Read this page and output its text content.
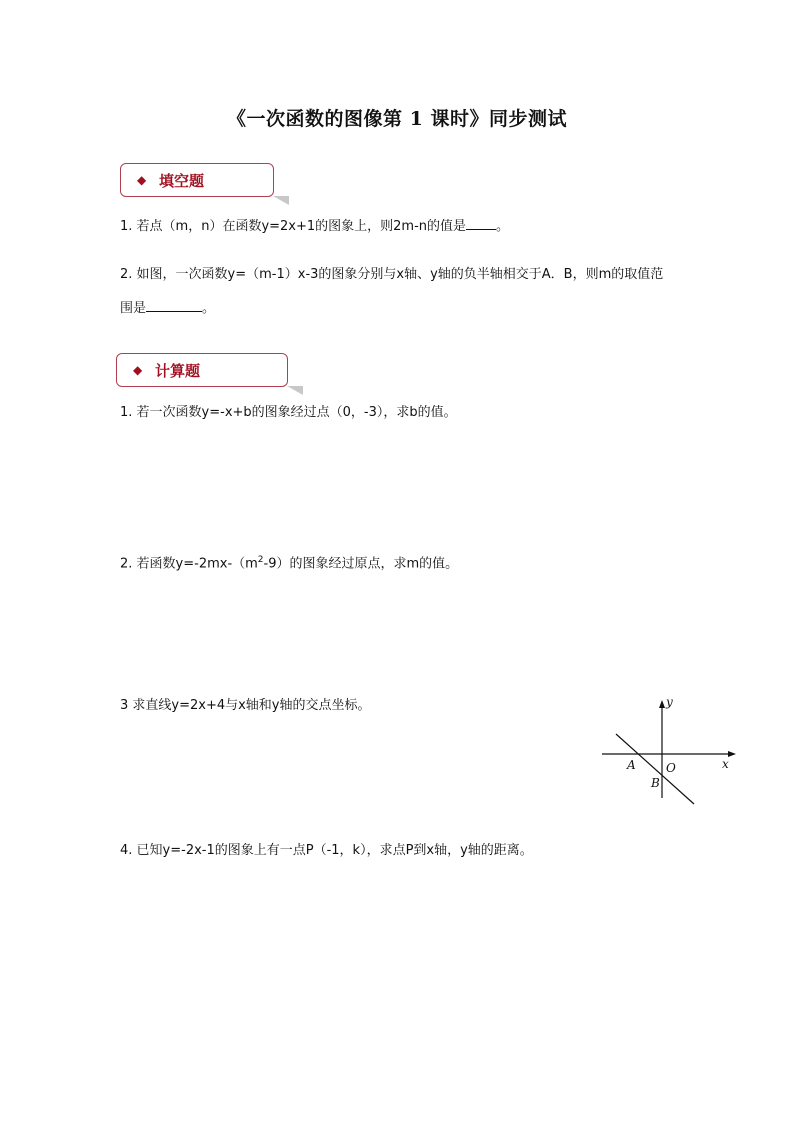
《一次函数的图像第 1 课时》同步测试
◆ 填空题
1. 若点（m，n）在函数y=2x+1的图象上，则2m-n的值是 。
2. 如图，一次函数y=（m-1）x-3的图象分别与x轴、y轴的负半轴相交于A．B，则m的取值范
围是	。
◆ 计算题
1. 若一次函数y=-x+b的图象经过点（0，-3），求b的值。
2. 若函数$y=-2mx-(m^2-9)$的图象经过原点，求m的值。
3 求直线y=2x+4与x轴和y轴的交点坐标。
4. 已知y=-2x-1的图象上有一点P（-1，k），求点P到x轴，y轴的距离。
y
x
A	O
B
